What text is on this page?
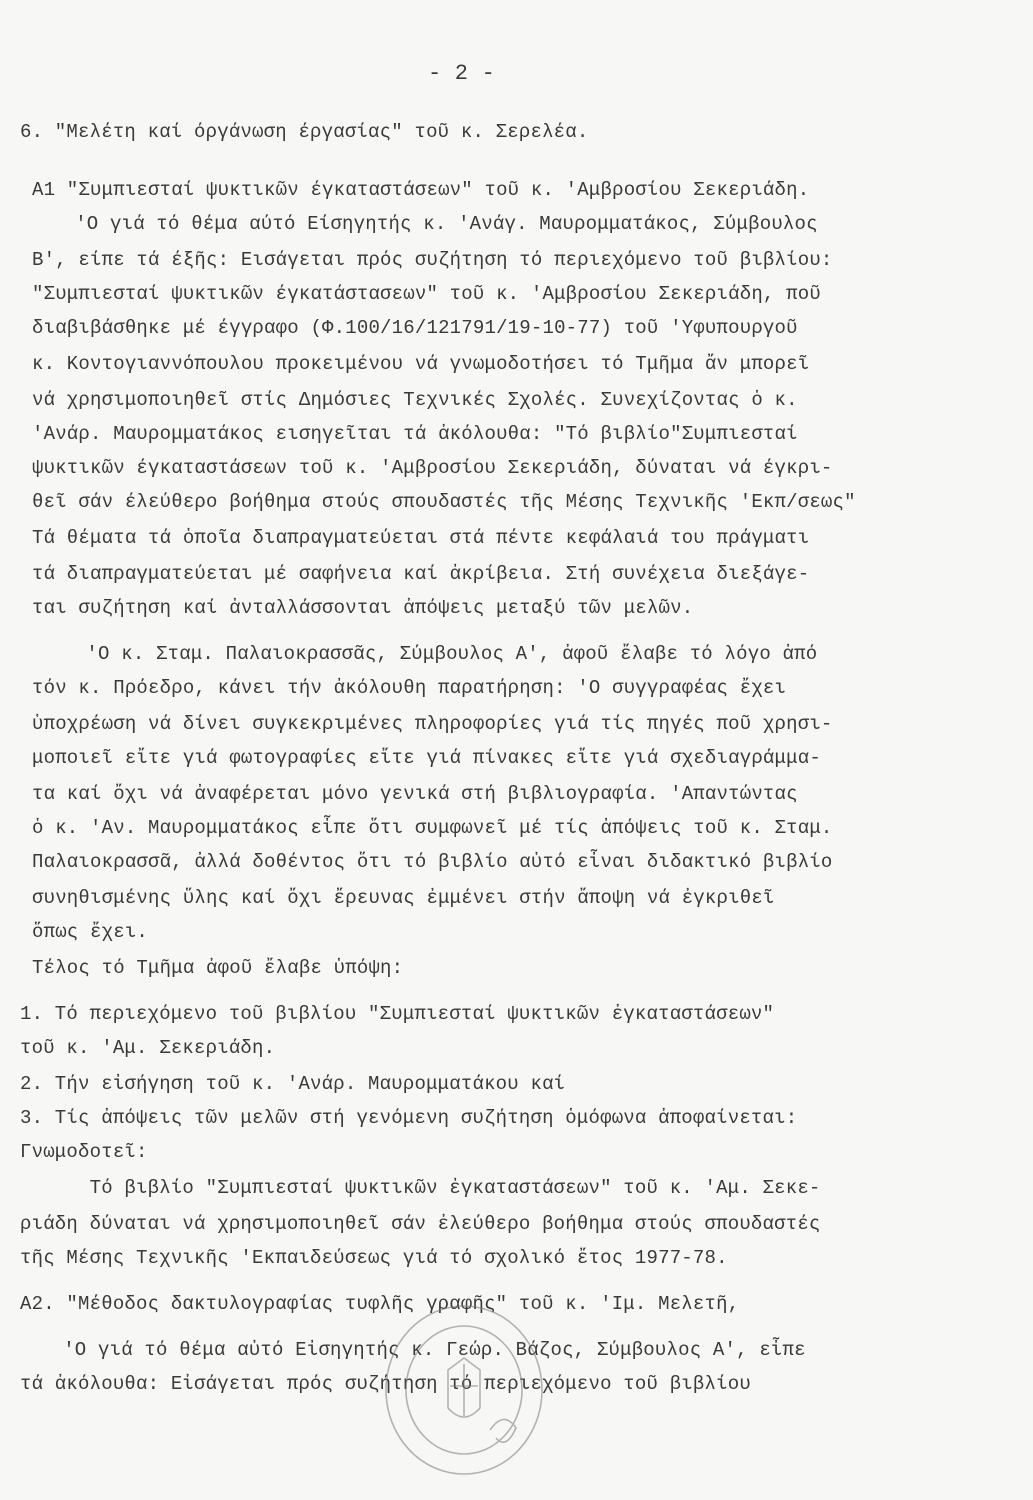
- 2 -
6. "Μελέτη καί όργάνωση έργασίας" τοῦ κ. Σερελέα.
Α1 "Συμπιεσταί ψυκτικῶν έγκαταστάσεων" τοῦ κ. 'Αμβροσίου Σεκεριάδη.
'Ο γιά τό θέμα αύτό Είσηγητής κ. 'Ανάγ. Μαυρομματάκος, Σύμβουλος
Β', είπε τά έξῆς: Εισάγεται πρός συζήτηση τό περιεχόμενο τοῦ βιβλίου:
"Συμπιεσταί ψυκτικῶν έγκατάστασεων" τοῦ κ. 'Αμβροσίου Σεκεριάδη, ποῦ
διαβιβάσθηκε μέ έγγραφο (Φ.100/16/121791/19-10-77) τοῦ 'Υφυπουργοῦ
κ. Κοντογιαννόπουλου προκειμένου νά γνωμοδοτήσει τό Τμῆμα ἄν μπορεῖ
νά χρησιμοποιηθεῖ στίς Δημόσιες Τεχνικές Σχολές. Συνεχίζοντας ὁ κ.
'Ανάρ. Μαυρομματάκος εισηγεῖται τά ἀκόλουθα: "Τό βιβλίο"Συμπιεσταί
ψυκτικῶν έγκαταστάσεων τοῦ κ. 'Αμβροσίου Σεκεριάδη, δύναται νά έγκρι-
θεῖ σάν έλεύθερο βοήθημα στούς σπουδαστές τῆς Μέσης Τεχνικῆς 'Εκπ/σεως"
Τά θέματα τά ὁποῖα διαπραγματεύεται στά πέντε κεφάλαιά του πράγματι
τά διαπραγματεύεται μέ σαφήνεια καί ἀκρίβεια. Στή συνέχεια διεξάγε-
ται συζήτηση καί ἀνταλλάσσονται ἀπόψεις μεταξύ τῶν μελῶν.
'Ο κ. Σταμ. Παλαιοκρασσᾶς, Σύμβουλος Α', ἀφοῦ ἔλαβε τό λόγο ἀπό
τόν κ. Πρόεδρο, κάνει τήν ἀκόλουθη παρατήρηση: 'Ο συγγραφέας ἔχει
ὑποχρέωση νά δίνει συγκεκριμένες πληροφορίες γιά τίς πηγές ποῦ χρησι-
μοποιεῖ εἴτε γιά φωτογραφίες εἴτε γιά πίνακες εἴτε γιά σχεδιαγράμμα-
τα καί ὄχι νά ἀναφέρεται μόνο γενικά στή βιβλιογραφία. 'Απαντώντας
ὁ κ. 'Αν. Μαυρομματάκος εἶπε ὅτι συμφωνεῖ μέ τίς ἀπόψεις τοῦ κ. Σταμ.
Παλαιοκρασσᾶ, ἀλλά δοθέντος ὅτι τό βιβλίο αὐτό εἶναι διδακτικό βιβλίο
συνηθισμένης ὕλης καί ὄχι ἔρευνας ἐμμένει στήν ἄποψη νά ἐγκριθεῖ
ὅπως ἔχει.
Τέλος τό Τμῆμα ἀφοῦ ἔλαβε ὑπόψη:
1. Τό περιεχόμενο τοῦ βιβλίου "Συμπιεσταί ψυκτικῶν ἐγκαταστάσεων"
τοῦ κ. 'Αμ. Σεκεριάδη.
2. Τήν εἰσήγηση τοῦ κ. 'Ανάρ. Μαυρομματάκου καί
3. Τίς ἀπόψεις τῶν μελῶν στή γενόμενη συζήτηση ὁμόφωνα ἀποφαίνεται:
Γνωμοδοτεῖ:
Τό βιβλίο "Συμπιεσταί ψυκτικῶν ἐγκαταστάσεων" τοῦ κ. 'Αμ. Σεκε-
ριάδη δύναται νά χρησιμοποιηθεῖ σάν ἐλεύθερο βοήθημα στούς σπουδαστές
τῆς Μέσης Τεχνικῆς 'Εκπαιδεύσεως γιά τό σχολικό ἔτος 1977-78.
Α2. "Μέθοδος δακτυλογραφίας τυφλῆς γραφῆς" τοῦ κ. 'Ιμ. Μελετῆ,
'Ο γιά τό θέμα αὐτό Εἰσηγητής κ. Γεώρ. Βάζος, Σύμβουλος Α', εἶπε
τά ἀκόλουθα: Εἰσάγεται πρός συζήτηση τό περιεχόμενο τοῦ βιβλίου
